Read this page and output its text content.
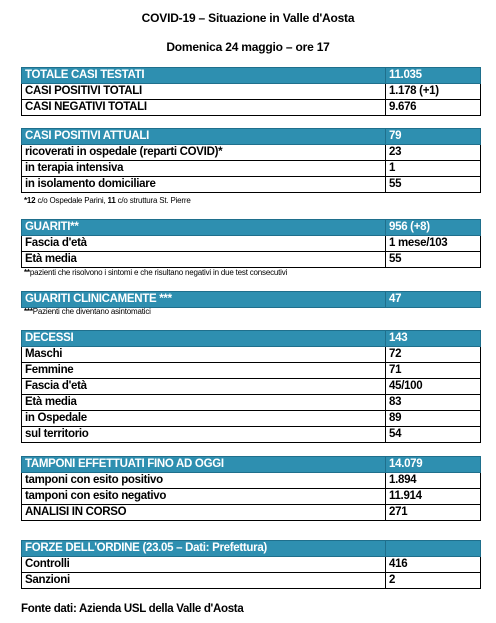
COVID-19 – Situazione in Valle d'Aosta
Domenica 24 maggio – ore 17
TOTALE CASI TESTATI	11.035
CASI POSITIVI TOTALI	1.178 (+1)
CASI NEGATIVI TOTALI	9.676
CASI POSITIVI ATTUALI	79
ricoverati in ospedale (reparti COVID)*	23
in terapia intensiva	1
in isolamento domiciliare	55
*12 c/o Ospedale Parini, 11 c/o struttura St. Pierre
GUARITI**	956 (+8)
Fascia d'età	1 mese/103
Età media	55
**pazienti che risolvono i sintomi e che risultano negativi in due test consecutivi
GUARITI CLINICAMENTE ***	47
***Pazienti che diventano asintomatici
DECESSI	143
Maschi	72
Femmine	71
Fascia d'età	45/100
Età media	83
in Ospedale	89
sul territorio	54
TAMPONI EFFETTUATI FINO AD OGGI	14.079
tamponi con esito positivo	1.894
tamponi con esito negativo	11.914
ANALISI IN CORSO	271
FORZE DELL'ORDINE (23.05 – Dati: Prefettura)	
Controlli	416
Sanzioni	2
Fonte dati: Azienda USL della Valle d'Aosta
